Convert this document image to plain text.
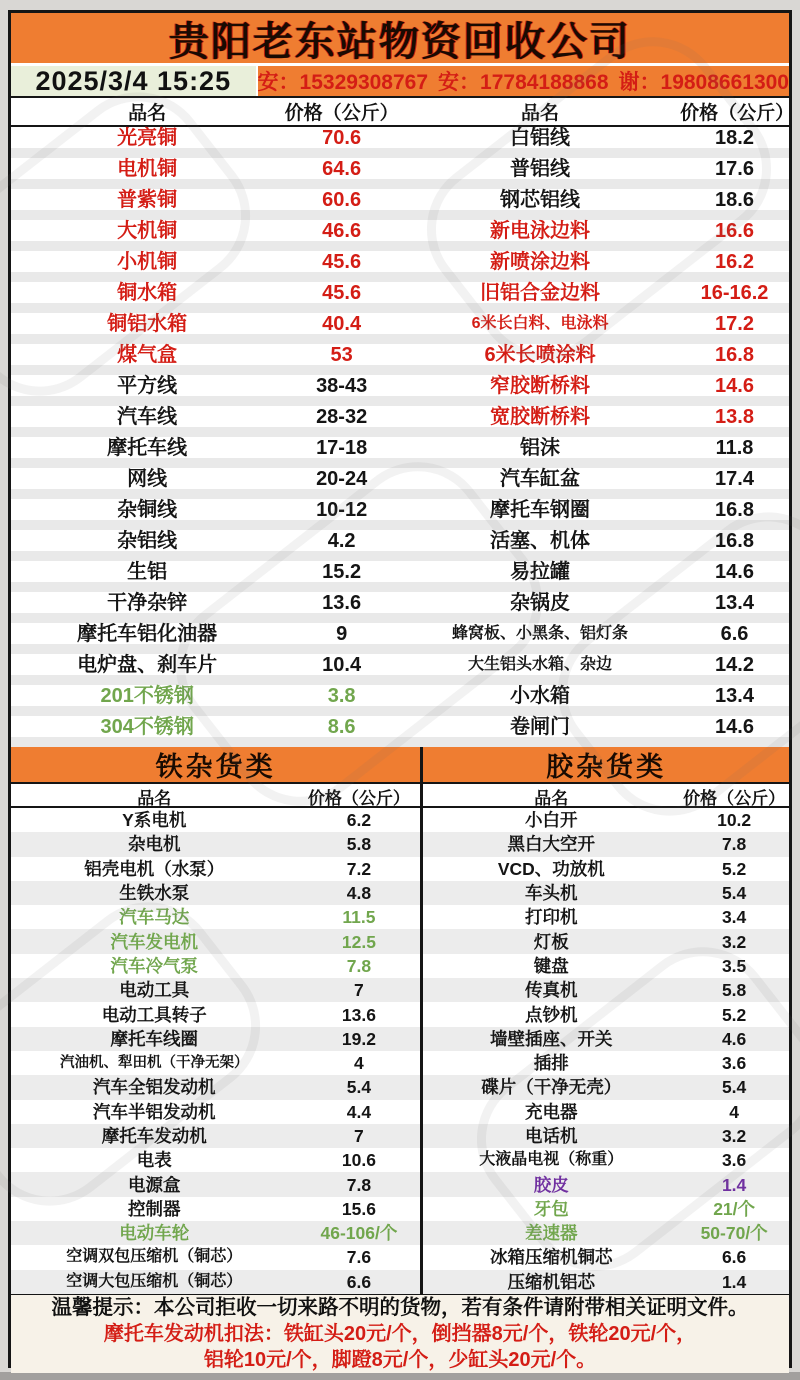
贵阳老东站物资回收公司
2025/3/4 15:25	安：15329308767 安：17784188868 谢：19808661300
品名	价格（公斤）	品名	价格（公斤）
光亮铜	70.6	白铝线	18.2
电机铜	64.6	普铝线	17.6
普紫铜	60.6	钢芯铝线	18.6
大机铜	46.6	新电泳边料	16.6
小机铜	45.6	新喷涂边料	16.2
铜水箱	45.6	旧铝合金边料	16-16.2
铜铝水箱	40.4	6米长白料、电泳料	17.2
煤气盒	53	6米长喷涂料	16.8
平方线	38-43	窄胶断桥料	14.6
汽车线	28-32	宽胶断桥料	13.8
摩托车线	17-18	铝沫	11.8
网线	20-24	汽车缸盆	17.4
杂铜线	10-12	摩托车钢圈	16.8
杂铝线	4.2	活塞、机体	16.8
生铝	15.2	易拉罐	14.6
干净杂锌	13.6	杂锅皮	13.4
摩托车铝化油器	9	蜂窝板、小黑条、铝灯条	6.6
电炉盘、刹车片	10.4	大生铝头水箱、杂边	14.2
201不锈钢	3.8	小水箱	13.4
304不锈钢	8.6	卷闸门	14.6
铁杂货类	胶杂货类
品名	价格（公斤）	品名	价格（公斤）
Y系电机	6.2
杂电机	5.8
铝壳电机（水泵）	7.2
生铁水泵	4.8
汽车马达	11.5
汽车发电机	12.5
汽车冷气泵	7.8
电动工具	7
电动工具转子	13.6
摩托车线圈	19.2
汽油机、犁田机（干净无架）	4
汽车全铝发动机	5.4
汽车半铝发动机	4.4
摩托车发动机	7
电表	10.6
电源盒	7.8
控制器	15.6
电动车轮	46-106/个
空调双包压缩机（铜芯）	7.6
空调大包压缩机（铜芯）	6.6
小白开	10.2
黑白大空开	7.8
VCD、功放机	5.2
车头机	5.4
打印机	3.4
灯板	3.2
键盘	3.5
传真机	5.8
点钞机	5.2
墙壁插座、开关	4.6
插排	3.6
碟片（干净无壳）	5.4
充电器	4
电话机	3.2
大液晶电视（称重）	3.6
胶皮	1.4
牙包	21/个
差速器	50-70/个
冰箱压缩机铜芯	6.6
压缩机铝芯	1.4
温馨提示：本公司拒收一切来路不明的货物，若有条件请附带相关证明文件。
摩托车发动机扣法：铁缸头20元/个，倒挡器8元/个，铁轮20元/个，
铝轮10元/个，脚蹬8元/个，少缸头20元/个。
